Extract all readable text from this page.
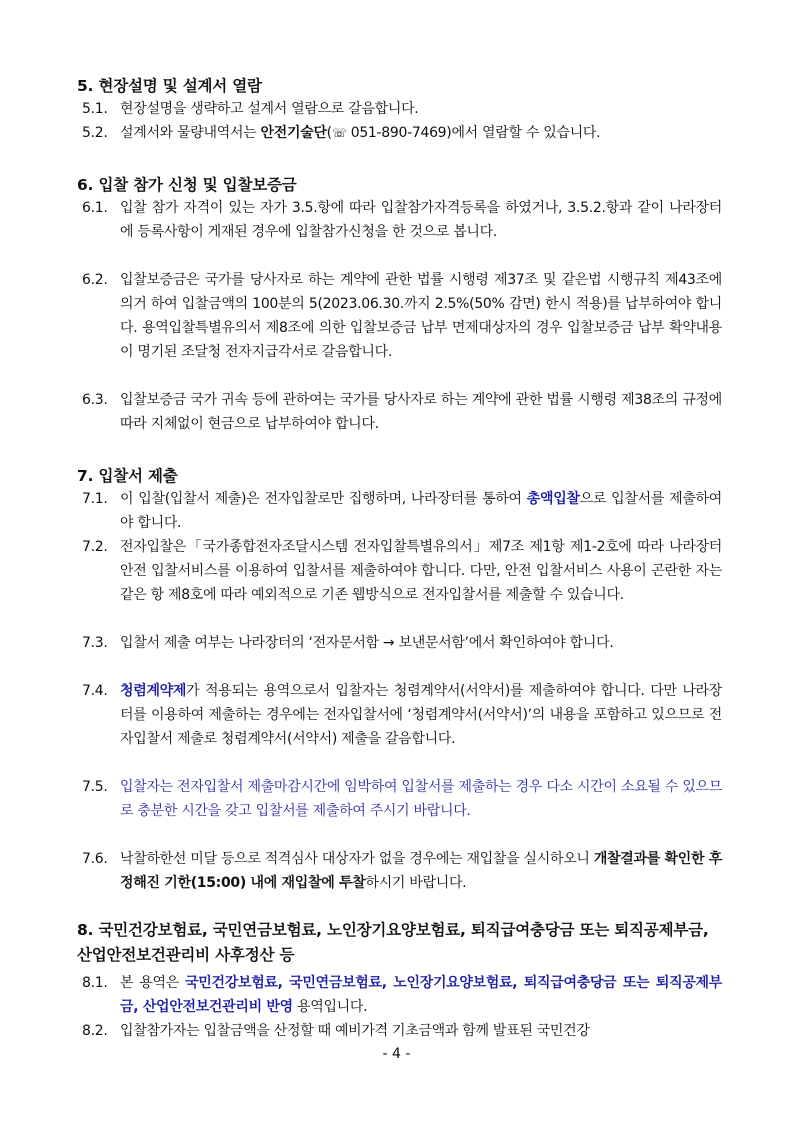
5. 현장설명 및 설계서 열람
5.1. 현장설명을 생략하고 설계서 열람으로 갈음합니다.
5.2. 설계서와 물량내역서는 안전기술단(☏ 051-890-7469)에서 열람할 수 있습니다.
6. 입찰 참가 신청 및 입찰보증금
6.1. 입찰 참가 자격이 있는 자가 3.5.항에 따라 입찰참가자격등록을 하였거나, 3.5.2.항과 같이 나라장터에 등록사항이 게재된 경우에 입찰참가신청을 한 것으로 봅니다.
6.2. 입찰보증금은 국가를 당사자로 하는 계약에 관한 법률 시행령 제37조 및 같은법 시행규칙 제43조에 의거 하여 입찰금액의 100분의 5(2023.06.30.까지 2.5%(50% 감면) 한시 적용)를 납부하여야 합니다. 용역입찰특별유의서 제8조에 의한 입찰보증금 납부 면제대상자의 경우 입찰보증금 납부 확약내용이 명기된 조달청 전자지급각서로 갈음합니다.
6.3. 입찰보증금 국가 귀속 등에 관하여는 국가를 당사자로 하는 계약에 관한 법률 시행령 제38조의 규정에 따라 지체없이 현금으로 납부하여야 합니다.
7. 입찰서 제출
7.1. 이 입찰(입찰서 제출)은 전자입찰로만 집행하며, 나라장터를 통하여 총액입찰으로 입찰서를 제출하여야 합니다.
7.2. 전자입찰은「국가종합전자조달시스템 전자입찰특별유의서」제7조 제1항 제1-2호에 따라 나라장터 안전 입찰서비스를 이용하여 입찰서를 제출하여야 합니다. 다만, 안전 입찰서비스 사용이 곤란한 자는 같은 항 제8호에 따라 예외적으로 기존 웹방식으로 전자입찰서를 제출할 수 있습니다.
7.3. 입찰서 제출 여부는 나라장터의 ‘전자문서함 → 보낸문서함’에서 확인하여야 합니다.
7.4. 청렴계약제가 적용되는 용역으로서 입찰자는 청렴계약서(서약서)를 제출하여야 합니다. 다만 나라장터를 이용하여 제출하는 경우에는 전자입찰서에 ‘청렴계약서(서약서)’의 내용을 포함하고 있으므로 전자입찰서 제출로 청렴계약서(서약서) 제출을 갈음합니다.
7.5. 입찰자는 전자입찰서 제출마감시간에 임박하여 입찰서를 제출하는 경우 다소 시간이 소요될 수 있으므로 충분한 시간을 갖고 입찰서를 제출하여 주시기 바랍니다.
7.6. 낙찰하한선 미달 등으로 적격심사 대상자가 없을 경우에는 재입찰을 실시하오니 개찰결과를 확인한 후 정해진 기한(15:00) 내에 재입찰에 투찰하시기 바랍니다.
8. 국민건강보험료, 국민연금보험료, 노인장기요양보험료, 퇴직급여충당금 또는 퇴직공제부금, 산업안전보건관리비 사후정산 등
8.1. 본 용역은 국민건강보험료, 국민연금보험료, 노인장기요양보험료, 퇴직급여충당금 또는 퇴직공제부금, 산업안전보건관리비 반영 용역입니다.
8.2. 입찰참가자는 입찰금액을 산정할 때 예비가격 기초금액과 함께 발표된 국민건강
- 4 -
